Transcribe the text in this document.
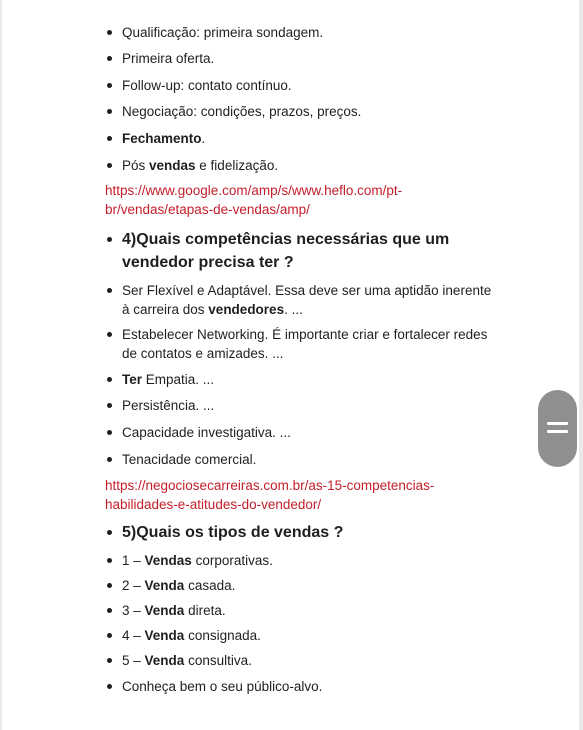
Qualificação: primeira sondagem.
Primeira oferta.
Follow-up: contato contínuo.
Negociação: condições, prazos, preços.
Fechamento.
Pós vendas e fidelização.
https://www.google.com/amp/s/www.heflo.com/pt-br/vendas/etapas-de-vendas/amp/
4)Quais competências necessárias que um vendedor precisa ter ?
Ser Flexível e Adaptável. Essa deve ser uma aptidão inerente à carreira dos vendedores. ...
Estabelecer Networking. É importante criar e fortalecer redes de contatos e amizades. ...
Ter Empatia. ...
Persistência. ...
Capacidade investigativa. ...
Tenacidade comercial.
https://negociosecarreiras.com.br/as-15-competencias-habilidades-e-atitudes-do-vendedor/
5)Quais os tipos de vendas ?
1 – Vendas corporativas.
2 – Venda casada.
3 – Venda direta.
4 – Venda consignada.
5 – Venda consultiva.
Conheça bem o seu público-alvo.
